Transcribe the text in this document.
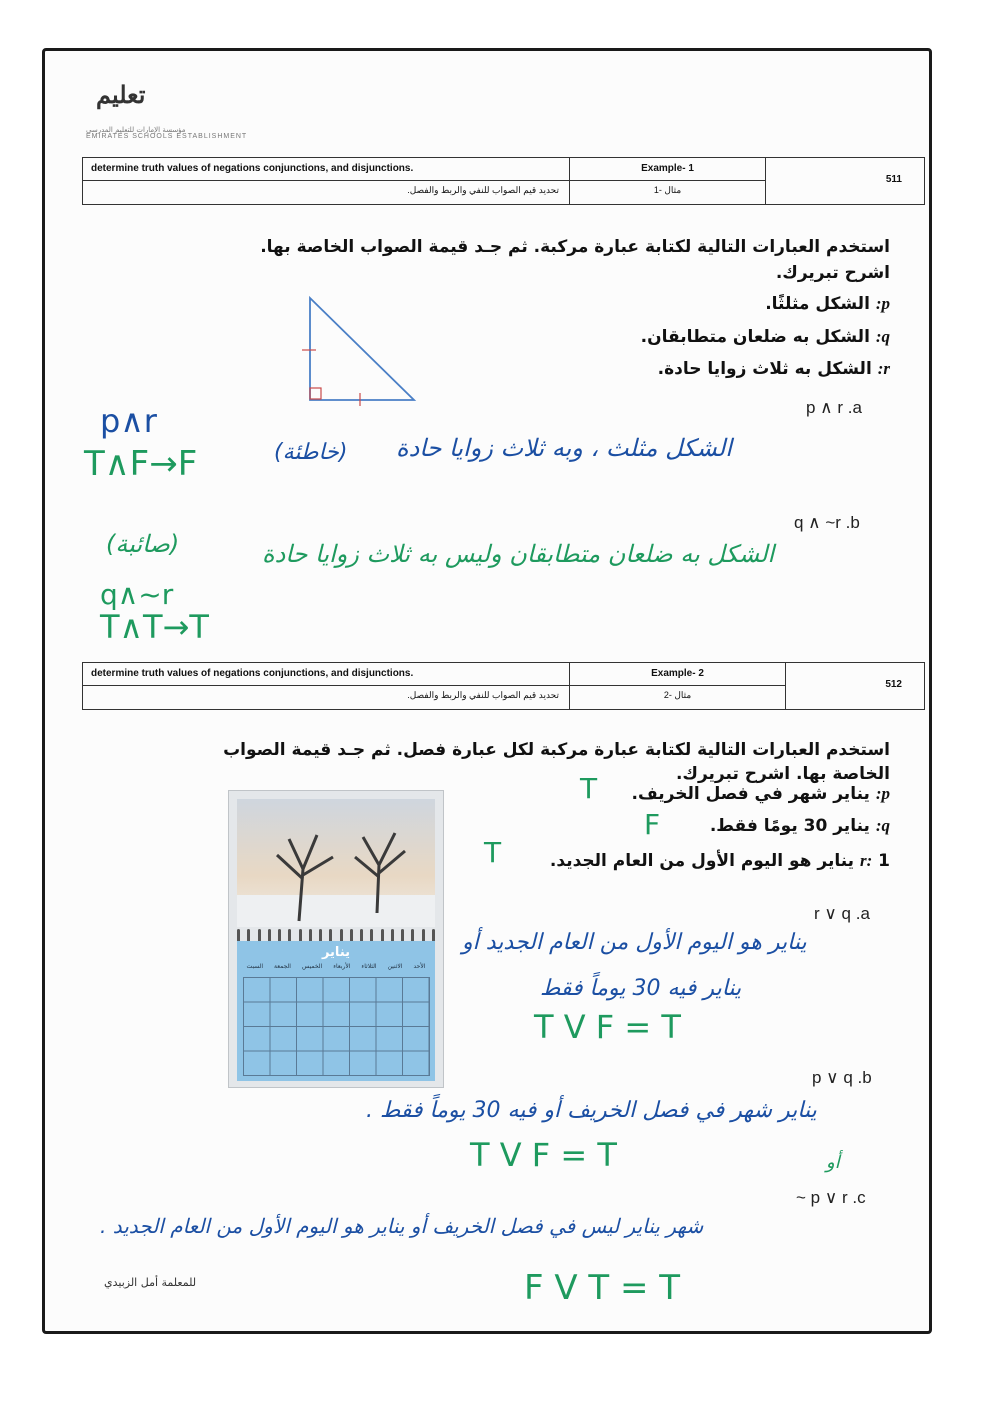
تعليم
مؤسسة الإمارات للتعليم المدرسي
EMIRATES SCHOOLS ESTABLISHMENT
determine truth values of negations conjunctions, and disjunctions.
تحديد قيم الصواب للنفي والربط والفصل.
Example- 1
مثال -1
511
استخدم العبارات التالية لكتابة عبارة مركبة. ثم جـد قيمة الصواب الخاصة بها. اشرح تبريرك.
p: الشكل مثلثًا.
q: الشكل به ضلعان متطابقان.
r: الشكل به ثلاث زوايا حادة.
p ∧ r .a
p∧r
T∧F→F	(خاطئة) الشكل مثلث ، وبه ثلاث زوايا حادة
q ∧ ~r .b
(صائبة)	الشكل به ضلعان متطابقان وليس به ثلاث زوايا حادة
q∧~r
T∧T→T
determine truth values of negations conjunctions, and disjunctions.
تحديد قيم الصواب للنفي والربط والفصل.
Example- 2
مثال -2
512
استخدم العبارات التالية لكتابة عبارة مركبة لكل عبارة فصل. ثم جـد قيمة الصواب الخاصة بها. اشرح تبريرك.
p: يناير شهر في فصل الخريف.
T
q: يناير 30 يومًا فقط.
F
r: 1 يناير هو اليوم الأول من العام الجديد.
T
يناير
السبت الجمعة الخميس الأربعاء الثلاثاء الاثنين الأحد
r ∨ q .a
يناير هو اليوم الأول من العام الجديد أو
يناير فيه 30 يوماً فقط
T V F = T
p ∨ q .b
يناير شهر في فصل الخريف أو فيه 30 يوماً فقط .
T V F = T	أو
~ p ∨ r .c
شهر يناير ليس في فصل الخريف أو يناير هو اليوم الأول من العام الجديد .
F V T = T
للمعلمة أمل الزبيدي
